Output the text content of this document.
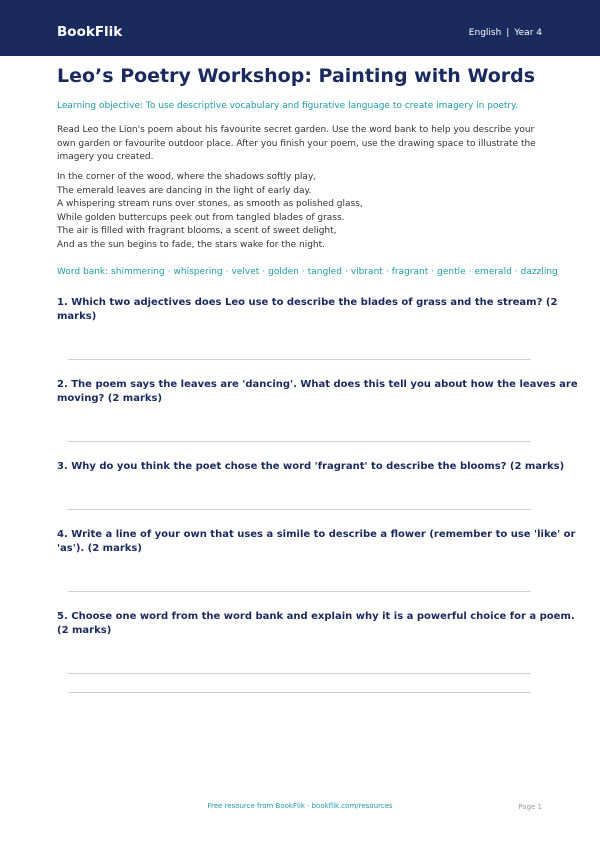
BookFlik	English | Year 4
Leo’s Poetry Workshop: Painting with Words
Learning objective: To use descriptive vocabulary and figurative language to create imagery in poetry.
Read Leo the Lion's poem about his favourite secret garden. Use the word bank to help you describe your
own garden or favourite outdoor place. After you finish your poem, use the drawing space to illustrate the
imagery you created.
In the corner of the wood, where the shadows softly play,
The emerald leaves are dancing in the light of early day.
A whispering stream runs over stones, as smooth as polished glass,
While golden buttercups peek out from tangled blades of grass.
The air is filled with fragrant blooms, a scent of sweet delight,
And as the sun begins to fade, the stars wake for the night.
Word bank: shimmering · whispering · velvet · golden · tangled · vibrant · fragrant · gentle · emerald · dazzling
1. Which two adjectives does Leo use to describe the blades of grass and the stream? (2
marks)
2. The poem says the leaves are 'dancing'. What does this tell you about how the leaves are
moving? (2 marks)
3. Why do you think the poet chose the word 'fragrant' to describe the blooms? (2 marks)
4. Write a line of your own that uses a simile to describe a flower (remember to use 'like' or
'as'). (2 marks)
5. Choose one word from the word bank and explain why it is a powerful choice for a poem.
(2 marks)
Free resource from BookFlik · bookflik.com/resources	Page 1
